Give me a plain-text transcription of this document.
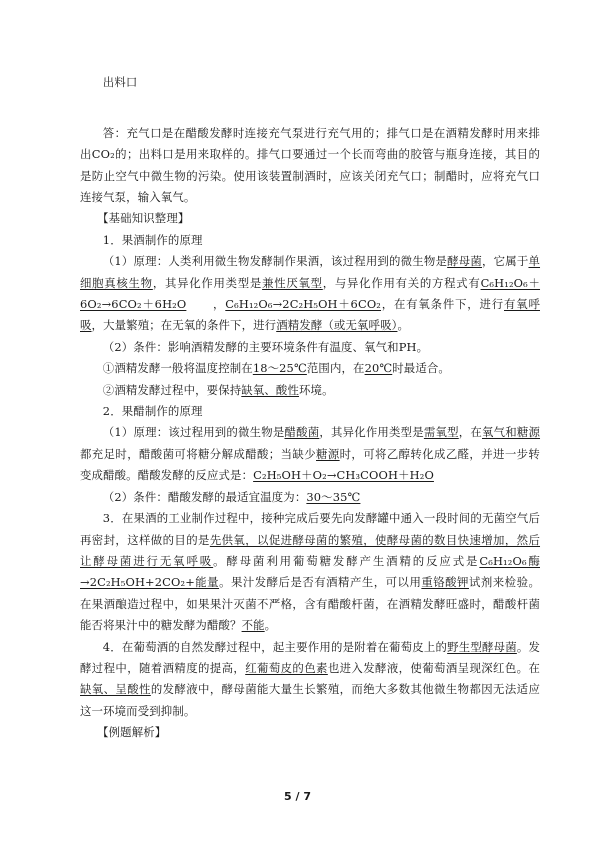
出料口

答：充气口是在醋酸发酵时连接充气泵进行充气用的；排气口是在酒精发酵时用来排出CO₂的；出料口是用来取样的。排气口要通过一个长而弯曲的胶管与瓶身连接，其目的是防止空气中微生物的污染。使用该装置制酒时，应该关闭充气口；制醋时，应将充气口连接气泵，输入氧气。

【基础知识整理】

1．果酒制作的原理

（1）原理：人类利用微生物发酵制作果酒，该过程用到的微生物是酵母菌，它属于单细胞真核生物，其异化作用类型是兼性厌氧型，与异化作用有关的方程式有C₆H₁₂O₆＋6O₂→6CO₂＋6H₂O ，C₆H₁₂O₆→2C₂H₅OH＋6CO₂，在有氧条件下，进行有氧呼吸，大量繁殖；在无氧的条件下，进行酒精发酵（或无氧呼吸）。

（2）条件：影响酒精发酵的主要环境条件有温度、氧气和PH。

①酒精发酵一般将温度控制在18～25℃范围内，在20℃时最适合。

②酒精发酵过程中，要保持缺氧、酸性环境。

2．果醋制作的原理

（1）原理：该过程用到的微生物是醋酸菌，其异化作用类型是需氧型，在氧气和糖源都充足时，醋酸菌可将糖分解成醋酸；当缺少糖源时，可将乙醇转化成乙醛，并进一步转变成醋酸。醋酸发酵的反应式是：C₂H₅OH＋O₂→CH₃COOH＋H₂O

（2）条件：醋酸发酵的最适宜温度为：30～35℃

3．在果酒的工业制作过程中，接种完成后要先向发酵罐中通入一段时间的无菌空气后再密封，这样做的目的是先供氧，以促进酵母菌的繁殖，使酵母菌的数目快速增加，然后让酵母菌进行无氧呼吸。酵母菌利用葡萄糖发酵产生酒精的反应式是C₆H₁₂O₆酶→2C₂H₅OH+2CO₂+能量。果汁发酵后是否有酒精产生，可以用重铬酸钾试剂来检验。在果酒酿造过程中，如果果汁灭菌不严格，含有醋酸杆菌，在酒精发酵旺盛时，醋酸杆菌能否将果汁中的糖发酵为醋酸？不能。

4．在葡萄酒的自然发酵过程中，起主要作用的是附着在葡萄皮上的野生型酵母菌。发酵过程中，随着酒精度的提高，红葡萄皮的色素也进入发酵液，使葡萄酒呈现深红色。在缺氧、呈酸性的发酵液中，酵母菌能大量生长繁殖，而绝大多数其他微生物都因无法适应这一环境而受到抑制。

【例题解析】

5 / 7
